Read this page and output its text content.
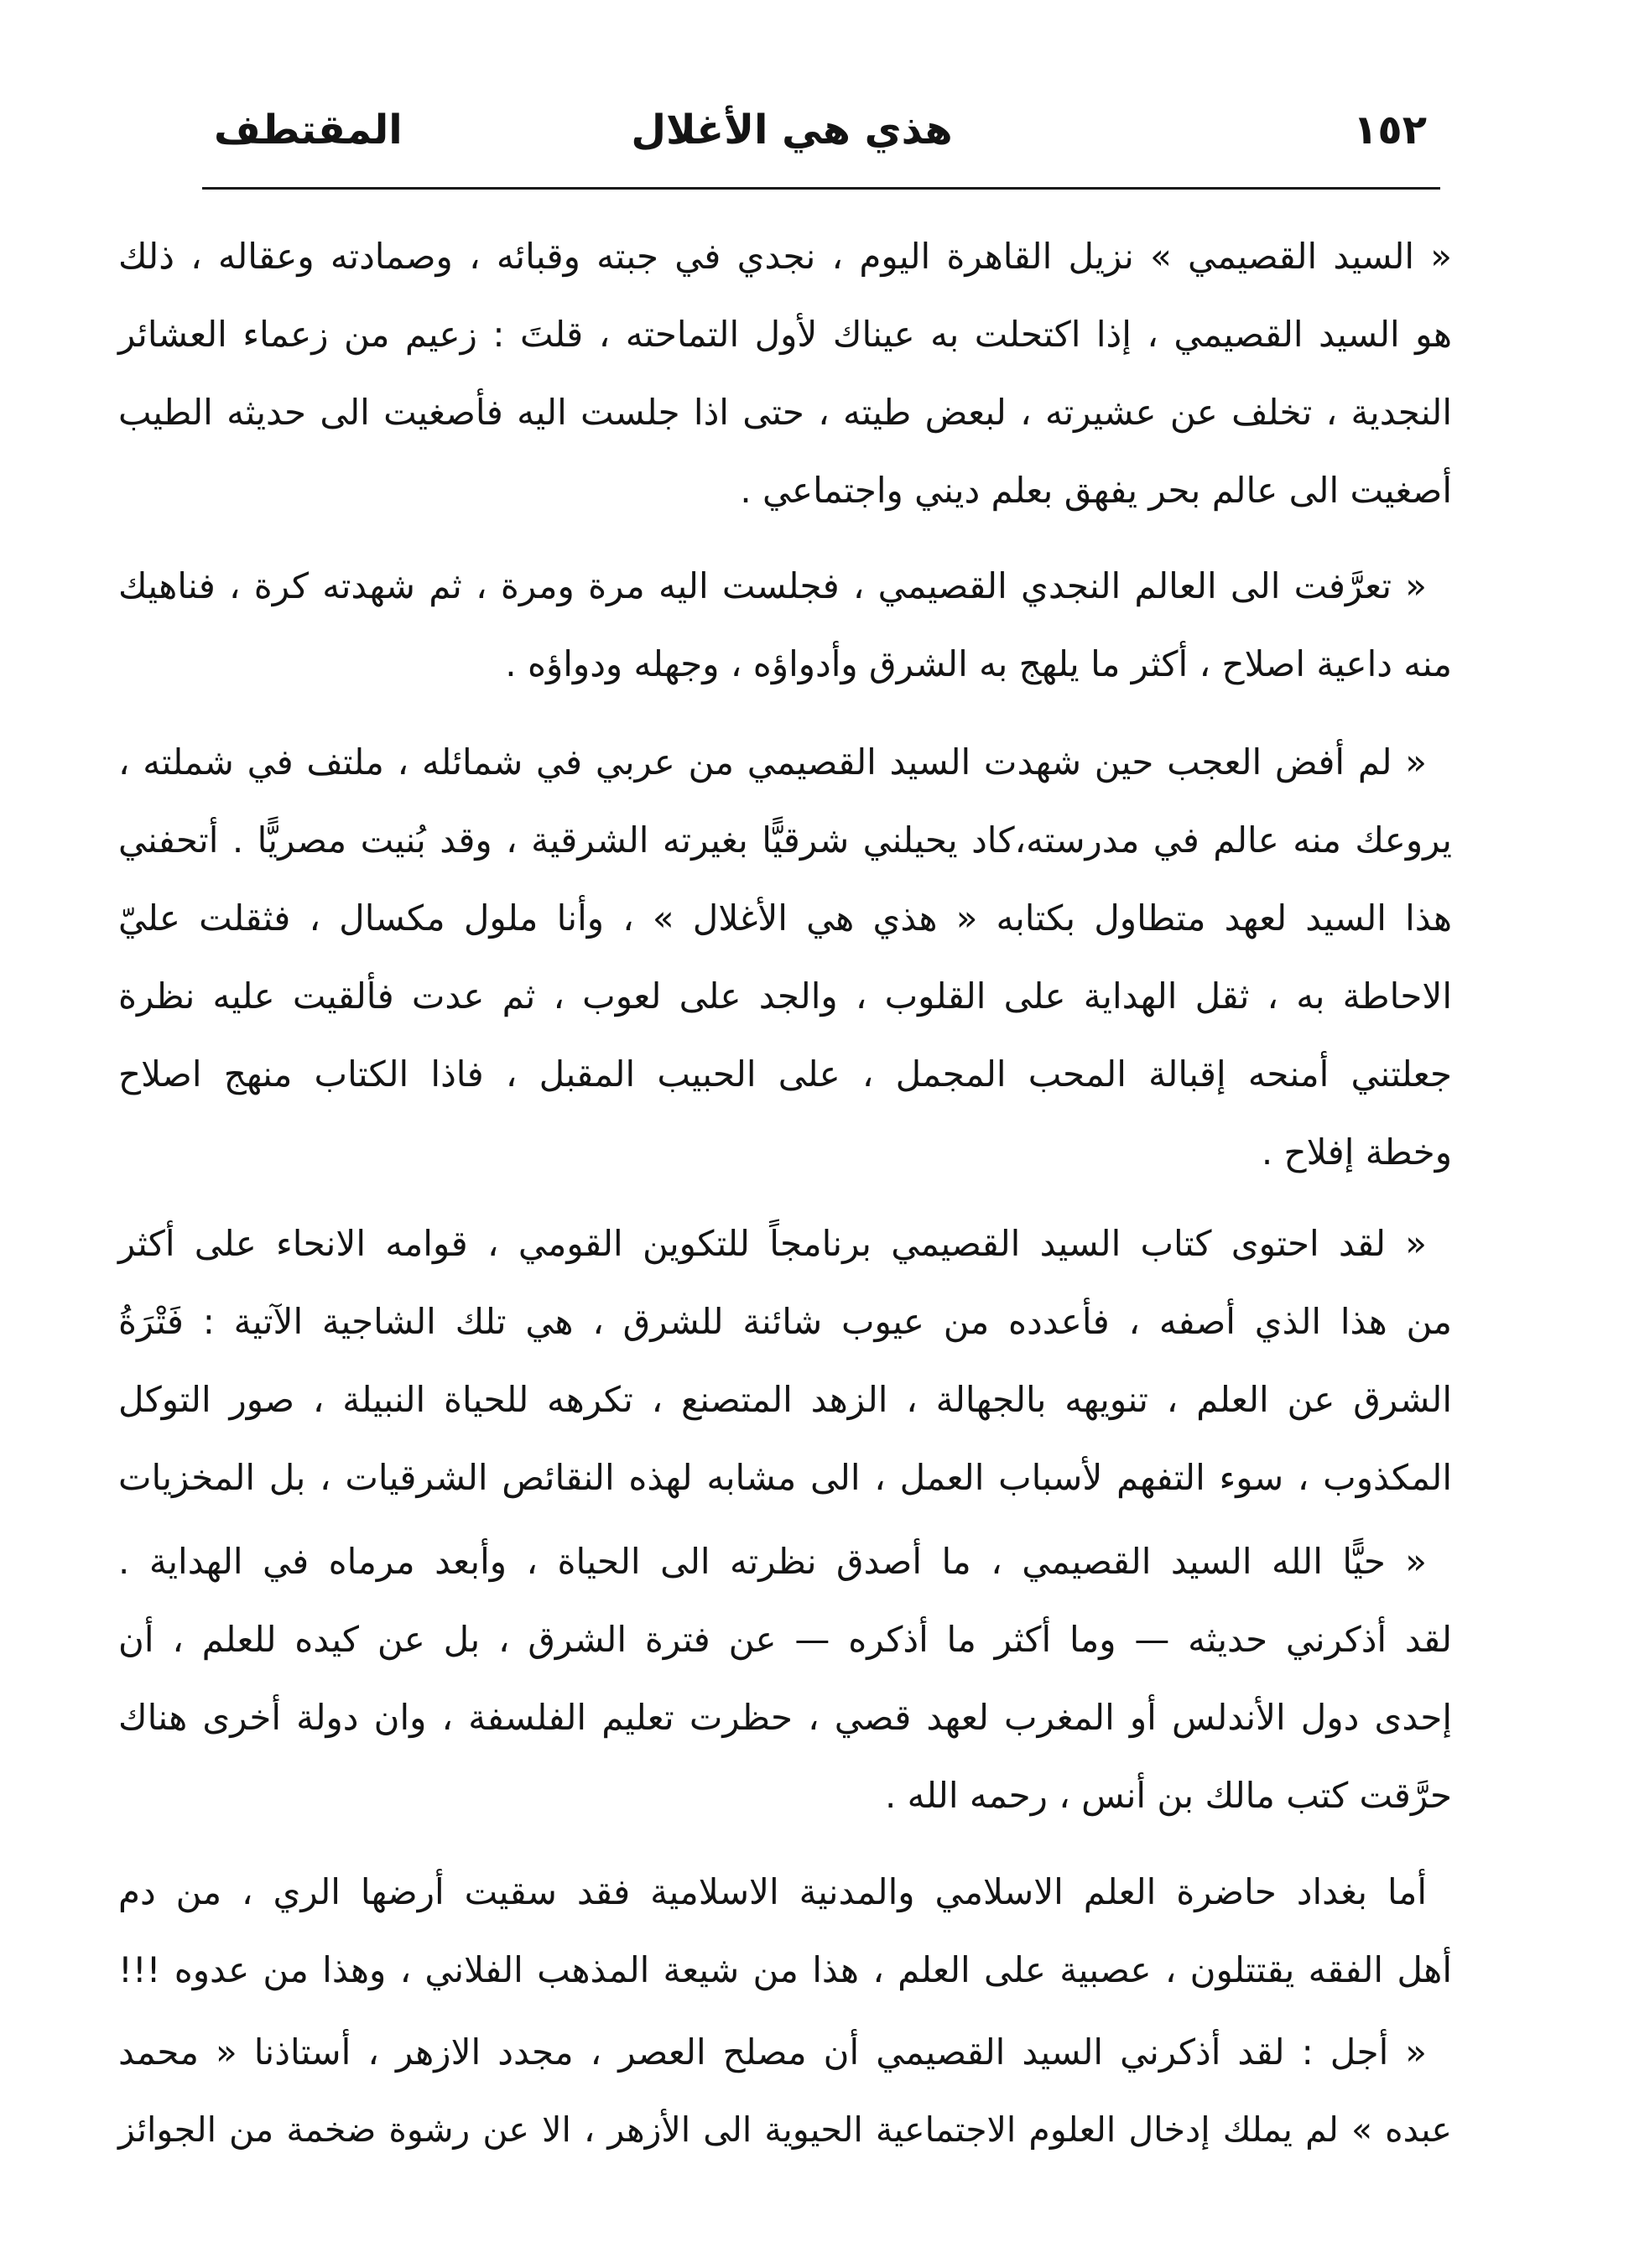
١٥٢
هذي هي الأغلال
المقتطف
« السيد القصيمي » نزيل القاهرة اليوم ، نجدي في جبته وقبائه ، وصمادته وعقاله ، ذلك
هو السيد القصيمي ، إذا اكتحلت به عيناك لأول التماحته ، قلتَ : زعيم من زعماء العشائر
النجدية ، تخلف عن عشيرته ، لبعض طيته ، حتى اذا جلست اليه فأصغيت الى حديثه الطيب
أصغيت الى عالم بحر يفهق بعلم ديني واجتماعي .
« تعرَّفت الى العالم النجدي القصيمي ، فجلست اليه مرة ومرة ، ثم شهدته كرة ، فناهيك
منه داعية اصلاح ، أكثر ما يلهج به الشرق وأدواؤه ، وجهله ودواؤه .
« لم أفض العجب حين شهدت السيد القصيمي من عربي في شمائله ، ملتف في شملته ،
يروعك منه عالم في مدرسته،كاد يحيلني شرقيًّا بغيرته الشرقية ، وقد بُنيت مصريًّا . أتحفني
هذا السيد لعهد متطاول بكتابه « هذي هي الأغلال » ، وأنا ملول مكسال ، فثقلت عليّ
الاحاطة به ، ثقل الهداية على القلوب ، والجد على لعوب ، ثم عدت فألقيت عليه نظرة
جعلتني أمنحه إقبالة المحب المجمل ، على الحبيب المقبل ، فاذا الكتاب منهج اصلاح
وخطة إفلاح .
« لقد احتوى كتاب السيد القصيمي برنامجاً للتكوين القومي ، قوامه الانحاء على أكثر
من هذا الذي أصفه ، فأعدده من عيوب شائنة للشرق ، هي تلك الشاجية الآتية : فَتْرَةُ
الشرق عن العلم ، تنويهه بالجهالة ، الزهد المتصنع ، تكرهه للحياة النبيلة ، صور التوكل
المكذوب ، سوء التفهم لأسباب العمل ، الى مشابه لهذه النقائص الشرقيات ، بل المخزيات
« حيًّا الله السيد القصيمي ، ما أصدق نظرته الى الحياة ، وأبعد مرماه في الهداية .
لقد أذكرني حديثه — وما أكثر ما أذكره — عن فترة الشرق ، بل عن كيده للعلم ، أن
إحدى دول الأندلس أو المغرب لعهد قصي ، حظرت تعليم الفلسفة ، وان دولة أخرى هناك
حرَّقت كتب مالك بن أنس ، رحمه الله .
أما بغداد حاضرة العلم الاسلامي والمدنية الاسلامية فقد سقيت أرضها الري ، من دم
أهل الفقه يقتتلون ، عصبية على العلم ، هذا من شيعة المذهب الفلاني ، وهذا من عدوه !!!
« أجل : لقد أذكرني السيد القصيمي أن مصلح العصر ، مجدد الازهر ، أستاذنا « محمد
عبده » لم يملك إدخال العلوم الاجتماعية الحيوية الى الأزهر ، الا عن رشوة ضخمة من الجوائز
